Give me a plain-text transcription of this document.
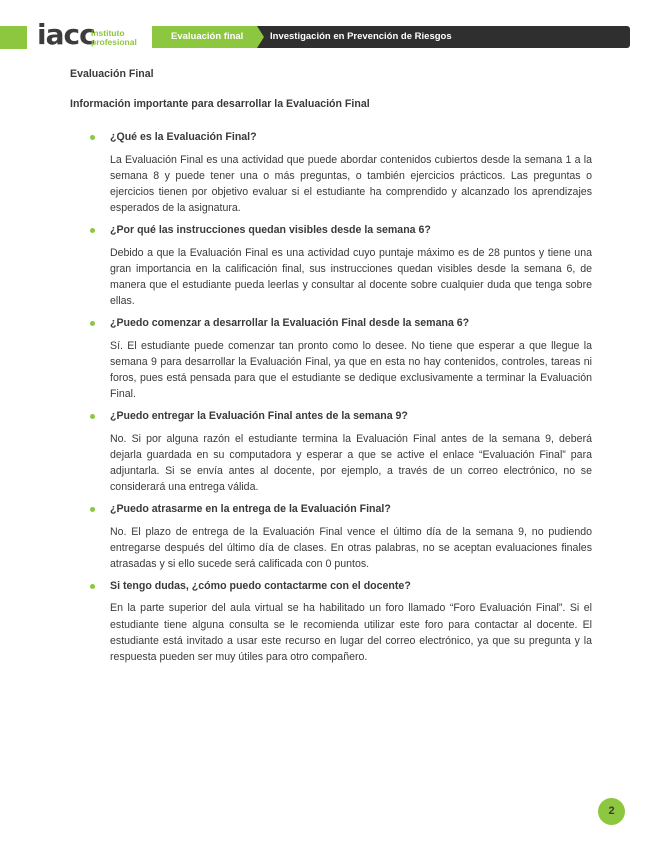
iacc
instituto
profesional	Evaluación final	Investigación en Prevención de Riesgos

Evaluación Final

Información importante para desarrollar la Evaluación Final

¿Qué es la Evaluación Final?

La Evaluación Final es una actividad que puede abordar contenidos cubiertos desde la semana 1 a la semana 8 y puede tener una o más preguntas, o también ejercicios prácticos. Las preguntas o ejercicios tienen por objetivo evaluar si el estudiante ha comprendido y alcanzado los aprendizajes esperados de la asignatura.

¿Por qué las instrucciones quedan visibles desde la semana 6?

Debido a que la Evaluación Final es una actividad cuyo puntaje máximo es de 28 puntos y tiene una gran importancia en la calificación final, sus instrucciones quedan visibles desde la semana 6, de manera que el estudiante pueda leerlas y consultar al docente sobre cualquier duda que tenga sobre ellas.

¿Puedo comenzar a desarrollar la Evaluación Final desde la semana 6?

Sí. El estudiante puede comenzar tan pronto como lo desee. No tiene que esperar a que llegue la semana 9 para desarrollar la Evaluación Final, ya que en esta no hay contenidos, controles, tareas ni foros, pues está pensada para que el estudiante se dedique exclusivamente a terminar la Evaluación Final.

¿Puedo entregar la Evaluación Final antes de la semana 9?

No. Si por alguna razón el estudiante termina la Evaluación Final antes de la semana 9, deberá dejarla guardada en su computadora y esperar a que se active el enlace “Evaluación Final” para adjuntarla. Si se envía antes al docente, por ejemplo, a través de un correo electrónico, no se considerará una entrega válida.

¿Puedo atrasarme en la entrega de la Evaluación Final?

No. El plazo de entrega de la Evaluación Final vence el último día de la semana 9, no pudiendo entregarse después del último día de clases. En otras palabras, no se aceptan evaluaciones finales atrasadas y si ello sucede será calificada con 0 puntos.

Si tengo dudas, ¿cómo puedo contactarme con el docente?

En la parte superior del aula virtual se ha habilitado un foro llamado “Foro Evaluación Final”. Si el estudiante tiene alguna consulta se le recomienda utilizar este foro para contactar al docente. El estudiante está invitado a usar este recurso en lugar del correo electrónico, ya que su pregunta y la respuesta pueden ser muy útiles para otro compañero.

2
